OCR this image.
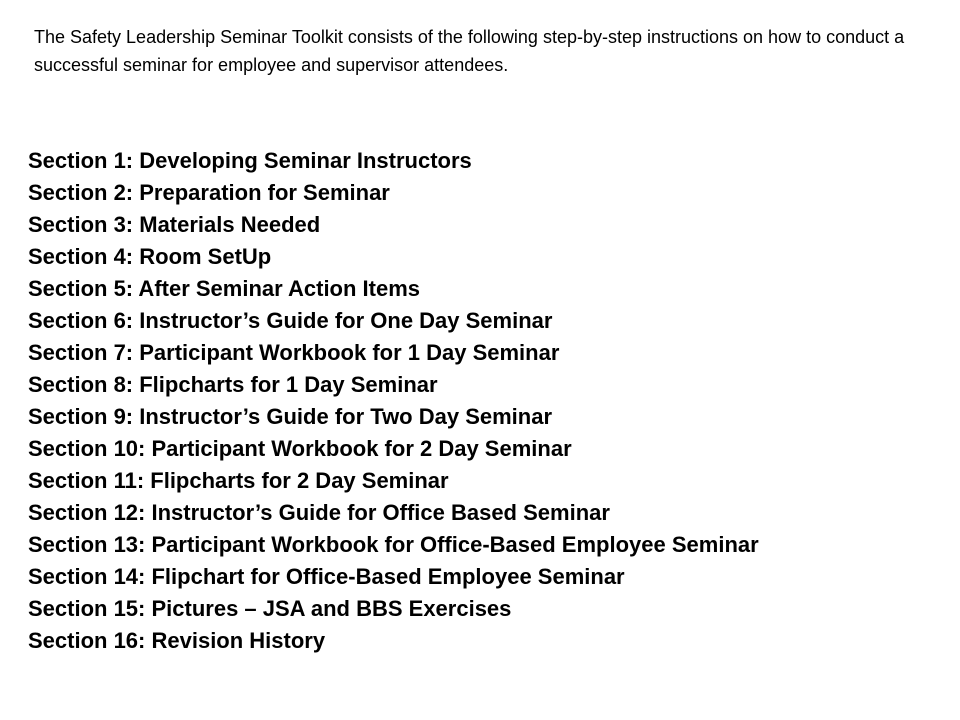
The Safety Leadership Seminar Toolkit consists of the following step-by-step instructions on how to conduct a successful seminar for employee and supervisor attendees.

Section 1: Developing Seminar Instructors
Section 2: Preparation for Seminar
Section 3: Materials Needed
Section 4: Room SetUp
Section 5: After Seminar Action Items
Section 6: Instructor’s Guide for One Day Seminar
Section 7: Participant Workbook for 1 Day Seminar
Section 8: Flipcharts for 1 Day Seminar
Section 9: Instructor’s Guide for Two Day Seminar
Section 10: Participant Workbook for 2 Day Seminar
Section 11: Flipcharts for 2 Day Seminar
Section 12: Instructor’s Guide for Office Based Seminar
Section 13: Participant Workbook for Office-Based Employee Seminar
Section 14: Flipchart for Office-Based Employee Seminar
Section 15: Pictures – JSA and BBS Exercises
Section 16: Revision History
